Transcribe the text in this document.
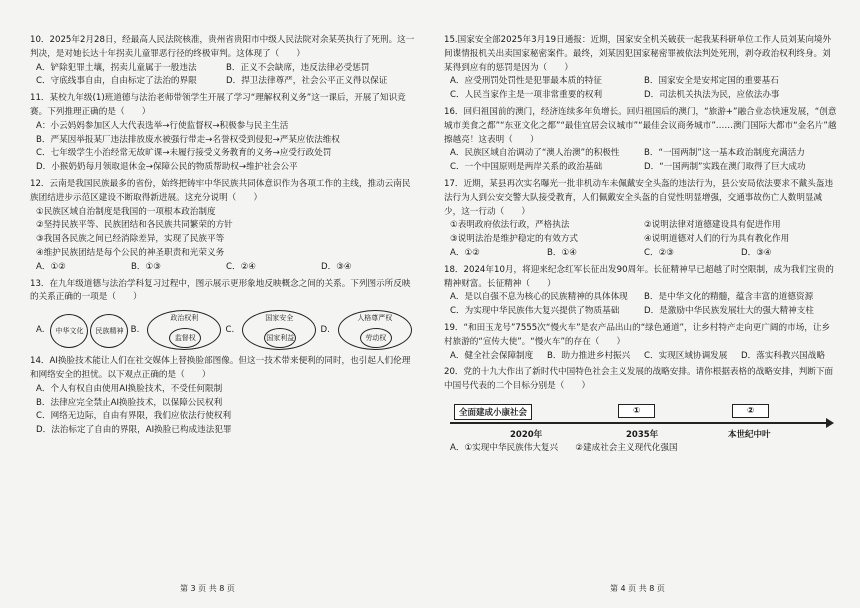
10．2025年2月28日，经最高人民法院核准，贵州省贵阳市中级人民法院对余某英执行了死刑。这一判决，是对她长达十年拐卖儿童罪恶行径的终极审判。这体现了（　　）

A．铲除犯罪土壤，拐卖儿童属于一般违法	B．正义不会缺席，违反法律必受惩罚
C．守底线事自由，自由标定了法治的界限	D．捍卫法律尊严，社会公平正义得以保证

11．某校九年级(1)班道德与法治老师带领学生开展了学习“理解权利义务”这一课后，开展了知识竞赛。下列推理正确的是（　　）

A：小云妈妈参加区人大代表选举→行使监督权→积极参与民主生活

B．严某因举报某厂违法排放废水被强行带走→名誉权受到侵犯→严某应依法维权

C．七年级学生小治经常无故旷课→未履行接受义务教育的义务→应受行政处罚

D．小猴奶奶每月领取退休金→保障公民的物质帮助权→维护社会公平

12．云南是我国民族最多的省份，始终把铸牢中华民族共同体意识作为各项工作的主线，推动云南民族团结进步示范区建设不断取得新进展。这充分说明（　　）

①民族区域自治制度是我国的一项根本政治制度

②坚持民族平等、民族团结和各民族共同繁荣的方针

③我国各民族之间已经消除差异，实现了民族平等

④维护民族团结是每个公民的神圣职责和光荣义务

A．①②	B．①③	C．②④	D．③④

13．在九年级道德与法治学科复习过程中，图示展示更形象地反映概念之间的关系。下列图示所反映的关系正确的一项是（　　）

A.	中华文化	民族精神 B.
政治权利
监督权
C.
国家安全
国家利益
D.
人格尊严权
劳动权

14．AI换脸技术能让人们在社交媒体上替换脸部图像。但这一技术带来便利的同时，也引起人们伦理和网络安全的担忧。以下观点正确的是（　　）

A．个人有权自由使用AI换脸技术，不受任何限制

B．法律应完全禁止AI换脸技术，以保障公民权利

C．网络无边际，自由有界限，我们应依法行使权利

D．法治标定了自由的界限，AI换脸已构成违法犯罪

第 3 页 共 8 页

15.国家安全部2025年3月19日通报：近期，国家安全机关破获一起我某科研单位工作人员刘某向境外间谍情报机关出卖国家秘密案件。最终，刘某因犯国家秘密罪被依法判处死刑，剥夺政治权利终身。刘某得到应有的惩罚是因为（　　）

A．应受刑罚处罚性是犯罪最本质的特征	B．国家安全是安邦定国的重要基石
C．人民当家作主是一项非常重要的权利	D．司法机关执法为民，应依法办事

16．回归祖国前的澳门，经济连续多年负增长。回归祖国后的澳门，“旅游+”融合业态快速发展，“创意城市美食之都”“东亚文化之都”“最佳宜居会议城市”“最佳会议商务城市”……澳门国际大都市“金名片”越擦越亮！这表明（　　）

A．民族区域自治调动了“澳人治澳”的积极性	B．“一国两制”这一基本政治制度充满活力
C．一个中国原则是两岸关系的政治基础	D．“一国两制”实践在澳门取得了巨大成功

17．近期，某县再次实名曝光一批非机动车未佩戴安全头盔的违法行为，县公安局依法要求不戴头盔违法行为人到公安交警大队接受教育，人们佩戴安全头盔的自觉性明显增强，交通事故伤亡人数明显减少，这一行动（　　）

①表明政府依法行政，严格执法	②说明法律对道德建设具有促进作用
③说明法治是维护稳定的有效方式	④说明道德对人们的行为具有教化作用
A．①②	B．①④	C．②③	D．③④

18．2024年10月，将迎来纪念红军长征出发90周年。长征精神早已超越了时空限制，成为我们宝贵的精神财富。长征精神（　　）

A．是以自强不息为核心的民族精神的具体体现	B．是中华文化的精髓，蕴含丰富的道德资源
C．为实现中华民族伟大复兴提供了物质基础	D．是激励中华民族发展壮大的强大精神支柱

19．“和田玉龙号”7555次“慢火车”是农产品出山的“绿色通道”，让乡村特产走向更广阔的市场，让乡村旅游的“宣传大使”。“慢火车”的存在（　　）

A．健全社会保障制度	B．助力推进乡村振兴	C．实现区域协调发展	D．落实科教兴国战略

20．党的十九大作出了新时代中国特色社会主义发展的战略安排。请你根据表格的战略安排，判断下面中国号代表的二个目标分别是（　　）

全面建成小康社会	①	②
2020年	2035年	本世纪中叶

A．①实现中华民族伟大复兴　　②建成社会主义现代化强国

第 4 页 共 8 页
